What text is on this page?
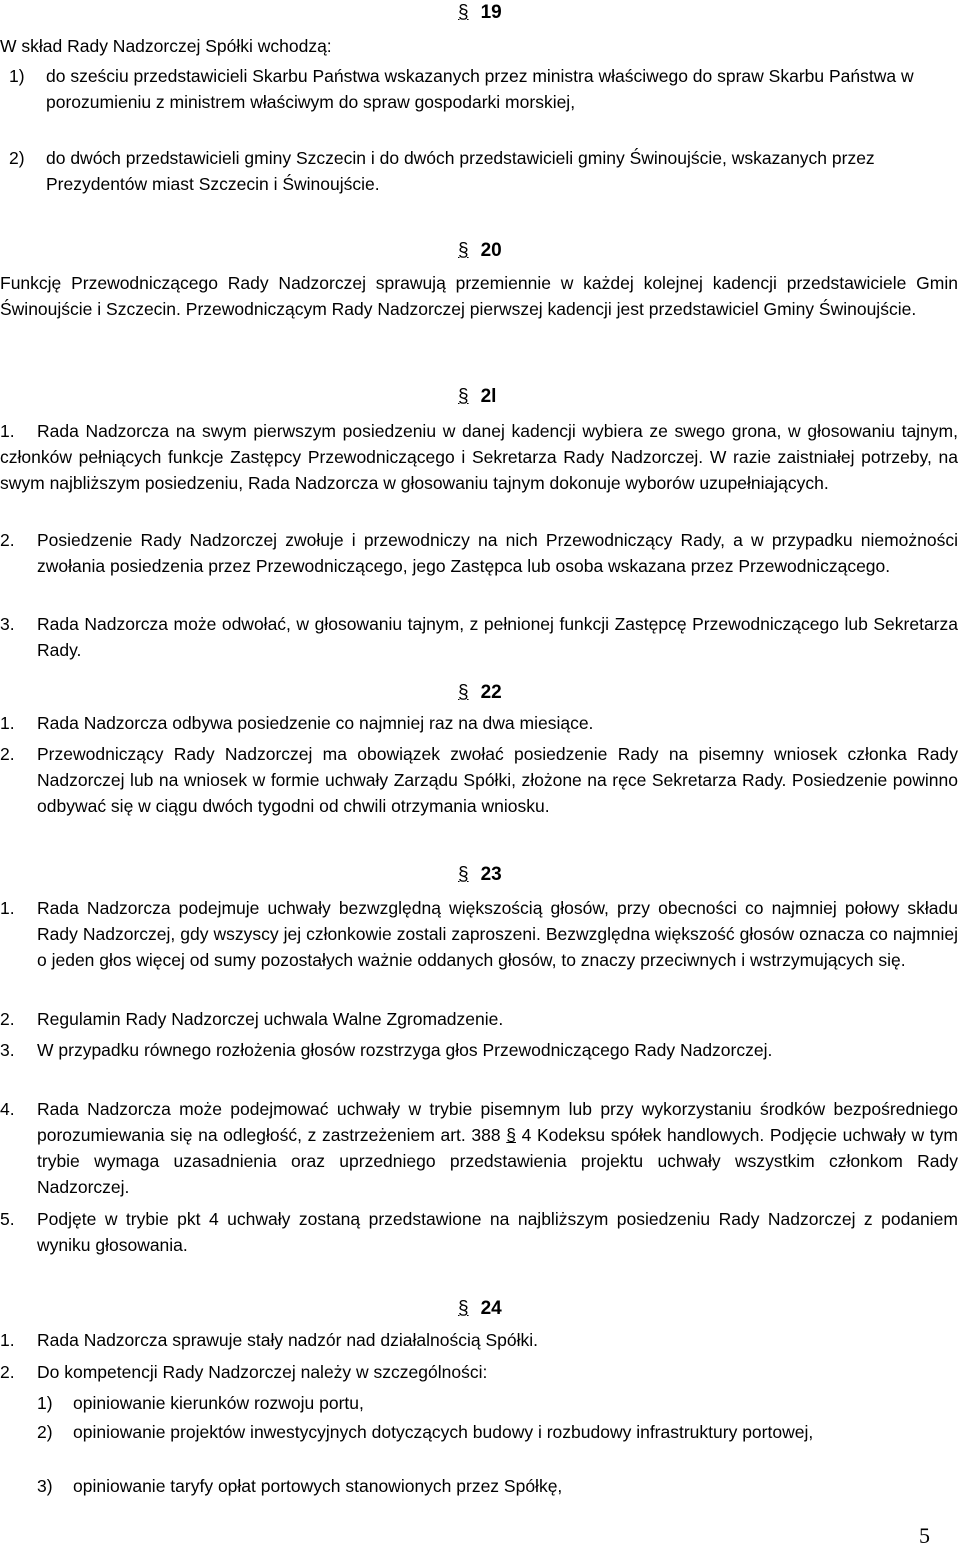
§ 19
W skład Rady Nadzorczej Spółki wchodzą:
1) do sześciu przedstawicieli Skarbu Państwa wskazanych przez ministra właściwego do spraw Skarbu Państwa w porozumieniu z ministrem właściwym do spraw gospodarki morskiej,
2) do dwóch przedstawicieli gminy Szczecin i do dwóch przedstawicieli gminy Świnoujście, wskazanych przez Prezydentów miast Szczecin i Świnoujście.
§ 20
Funkcję Przewodniczącego Rady Nadzorczej sprawują przemiennie w każdej kolejnej kadencji przedstawiciele Gmin Świnoujście i Szczecin. Przewodniczącym Rady Nadzorczej pierwszej kadencji jest przedstawiciel Gminy Świnoujście.
§ 2l
1.	Rada Nadzorcza na swym pierwszym posiedzeniu w danej kadencji wybiera ze swego grona, w głosowaniu tajnym, członków pełniących funkcje Zastępcy Przewodniczącego i Sekretarza Rady Nadzorczej. W razie zaistniałej potrzeby, na swym najbliższym posiedzeniu, Rada Nadzorcza w głosowaniu tajnym dokonuje wyborów uzupełniających.
2. Posiedzenie Rady Nadzorczej zwołuje i przewodniczy na nich Przewodniczący Rady, a w przypadku niemożności zwołania posiedzenia przez Przewodniczącego, jego Zastępca lub osoba wskazana przez Przewodniczącego.
3. Rada Nadzorcza może odwołać, w głosowaniu tajnym, z pełnionej funkcji Zastępcę Przewodniczącego lub Sekretarza Rady.
§ 22
1. Rada Nadzorcza odbywa posiedzenie co najmniej raz na dwa miesiące.
2. Przewodniczący Rady Nadzorczej ma obowiązek zwołać posiedzenie Rady na pisemny wniosek członka Rady Nadzorczej lub na wniosek w formie uchwały Zarządu Spółki, złożone na ręce Sekretarza Rady. Posiedzenie powinno odbywać się w ciągu dwóch tygodni od chwili otrzymania wniosku.
§ 23
1. Rada Nadzorcza podejmuje uchwały bezwzględną większością głosów, przy obecności co najmniej połowy składu Rady Nadzorczej, gdy wszyscy jej członkowie zostali zaproszeni. Bezwzględna większość głosów oznacza co najmniej o jeden głos więcej od sumy pozostałych ważnie oddanych głosów, to znaczy przeciwnych i wstrzymujących się.
2. Regulamin Rady Nadzorczej uchwala Walne Zgromadzenie.
3. W przypadku równego rozłożenia głosów rozstrzyga głos Przewodniczącego Rady Nadzorczej.
4. Rada Nadzorcza może podejmować uchwały w trybie pisemnym lub przy wykorzystaniu środków bezpośredniego porozumiewania się na odległość, z zastrzeżeniem art. 388 § 4 Kodeksu spółek handlowych. Podjęcie uchwały w tym trybie wymaga uzasadnienia oraz uprzedniego przedstawienia projektu uchwały wszystkim członkom Rady Nadzorczej.
5. Podjęte w trybie pkt 4 uchwały zostaną przedstawione na najbliższym posiedzeniu Rady Nadzorczej z podaniem wyniku głosowania.
§ 24
1. Rada Nadzorcza sprawuje stały nadzór nad działalnością Spółki.
2. Do kompetencji Rady Nadzorczej należy w szczególności:
1) opiniowanie kierunków rozwoju portu,
2) opiniowanie projektów inwestycyjnych dotyczących budowy i rozbudowy infrastruktury portowej,
3) opiniowanie taryfy opłat portowych stanowionych przez Spółkę,
5
